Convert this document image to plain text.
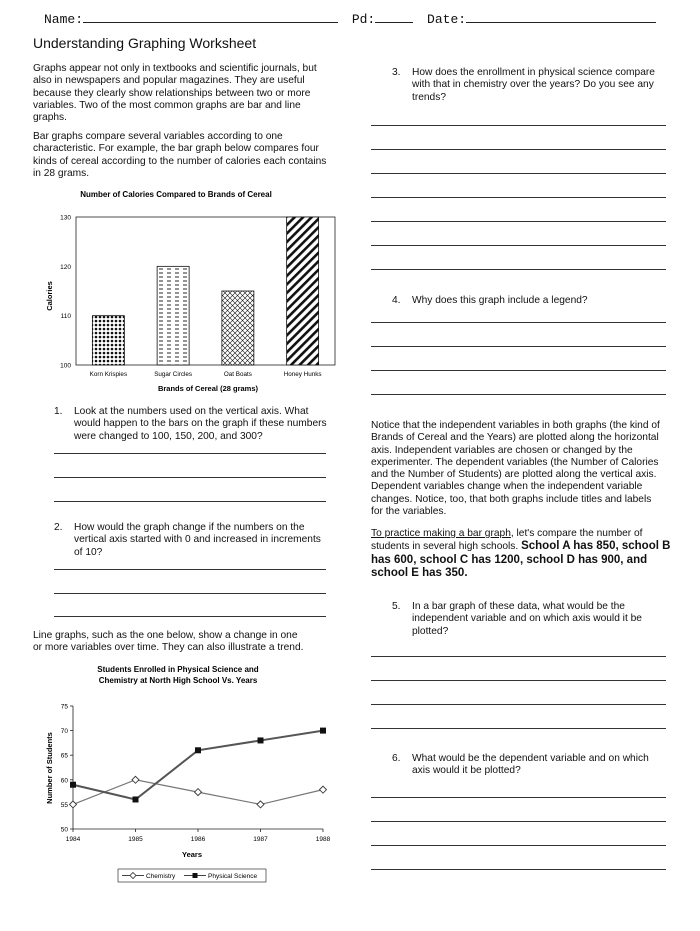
Name:	Pd:	Date:
Understanding Graphing Worksheet
Graphs appear not only in textbooks and scientific journals, but
also in newspapers and popular magazines. They are useful
because they clearly show relationships between two or more
variables. Two of the most common graphs are bar and line
graphs.
Bar graphs compare several variables according to one
characteristic. For example, the bar graph below compares four
kinds of cereal according to the number of calories each contains
in 28 grams.
Number of Calories Compared to Brands of Cereal
100
110
120
130
Korn Krispies	Sugar Circles	Oat Boats	Honey Hunks
Brands of Cereal (28 grams)
Calories
1. Look at the numbers used on the vertical axis. What
would happen to the bars on the graph if these numbers
were changed to 100, 150, 200, and 300?
2. How would the graph change if the numbers on the
vertical axis started with 0 and increased in increments
of 10?
Line graphs, such as the one below, show a change in one
or more variables over time. They can also illustrate a trend.
Students Enrolled in Physical Science and
Chemistry at North High School Vs. Years
50
55
60
65
70
75
1984	1985	1986	1987	1988
Years
Number of Students
Chemistry	Physical Science
3. How does the enrollment in physical science compare
with that in chemistry over the years? Do you see any
trends?
4. Why does this graph include a legend?
Notice that the independent variables in both graphs (the kind of
Brands of Cereal and the Years) are plotted along the horizontal
axis. Independent variables are chosen or changed by the
experimenter. The dependent variables (the Number of Calories
and the Number of Students) are plotted along the vertical axis.
Dependent variables change when the independent variable
changes. Notice, too, that both graphs include titles and labels
for the variables.
To practice making a bar graph, let's compare the number of
students in several high schools. School A has 850, school B
has 600, school C has 1200, school D has 900, and
school E has 350.
5. In a bar graph of these data, what would be the
independent variable and on which axis would it be
plotted?
6. What would be the dependent variable and on which
axis would it be plotted?
